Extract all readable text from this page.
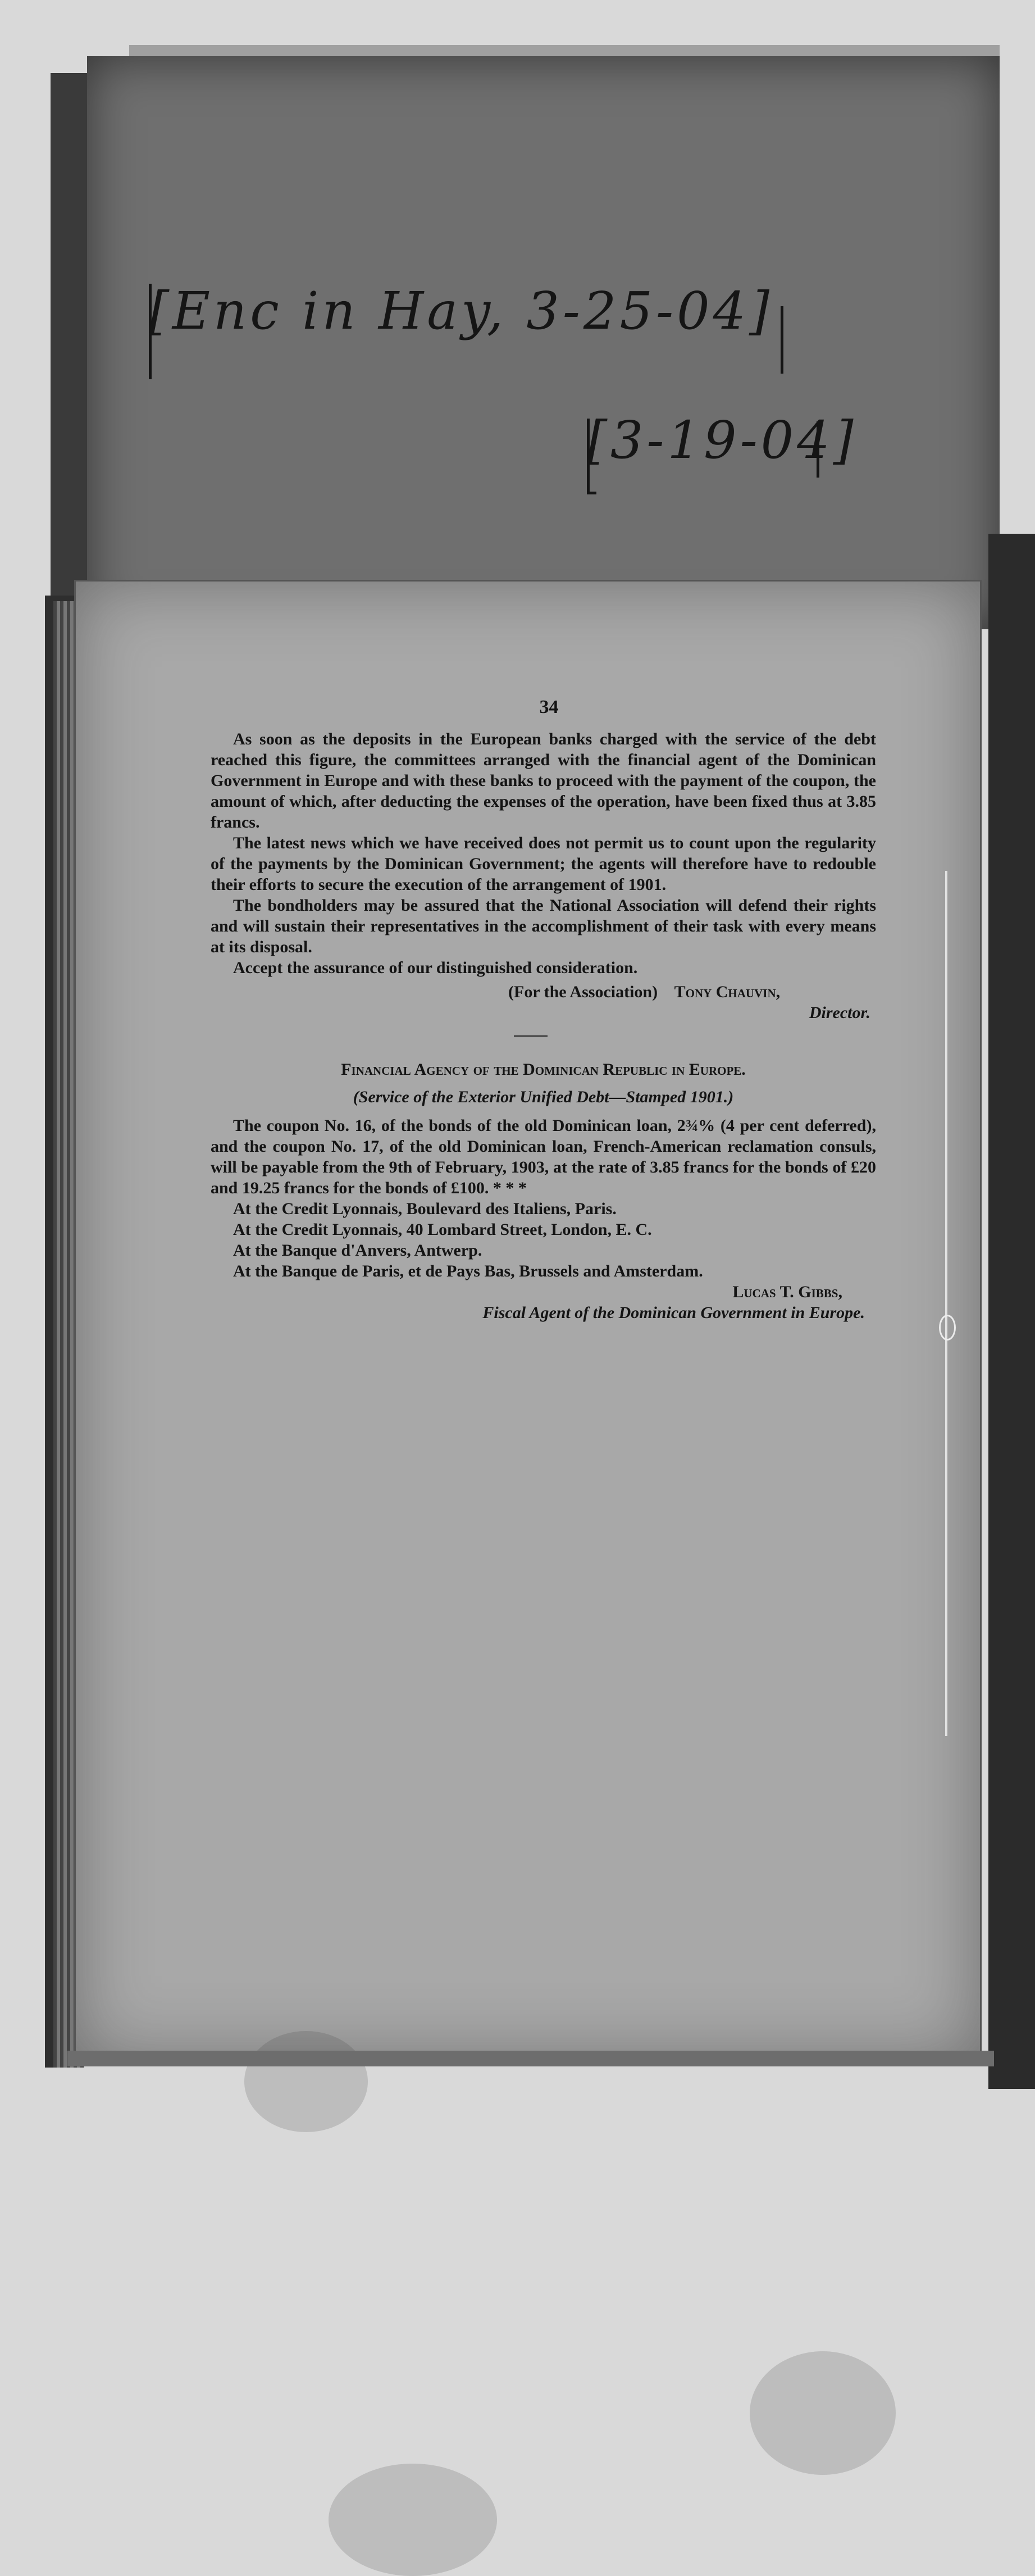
[Enc in Hay, 3-25-04]
[3-19-04]

34

As soon as the deposits in the European banks charged with the service of the debt reached this figure, the committees arranged with the financial agent of the Dominican Government in Europe and with these banks to proceed with the payment of the coupon, the amount of which, after deducting the expenses of the operation, have been fixed thus at 3.85 francs.

The latest news which we have received does not permit us to count upon the regularity of the payments by the Dominican Government; the agents will therefore have to redouble their efforts to secure the execution of the arrangement of 1901.

The bondholders may be assured that the National Association will defend their rights and will sustain their representatives in the accomplishment of their task with every means at its disposal.

Accept the assurance of our distinguished consideration.

(For the Association) Tony Chauvin,

Director.

Financial Agency of the Dominican Republic in Europe.

(Service of the Exterior Unified Debt—Stamped 1901.)

The coupon No. 16, of the bonds of the old Dominican loan, 2¾% (4 per cent deferred), and the coupon No. 17, of the old Dominican loan, French-American reclamation consuls, will be payable from the 9th of February, 1903, at the rate of 3.85 francs for the bonds of £20 and 19.25 francs for the bonds of £100. * * *

At the Credit Lyonnais, Boulevard des Italiens, Paris.

At the Credit Lyonnais, 40 Lombard Street, London, E. C.

At the Banque d'Anvers, Antwerp.

At the Banque de Paris, et de Pays Bas, Brussels and Amsterdam.

Lucas T. Gibbs,

Fiscal Agent of the Dominican Government in Europe.
